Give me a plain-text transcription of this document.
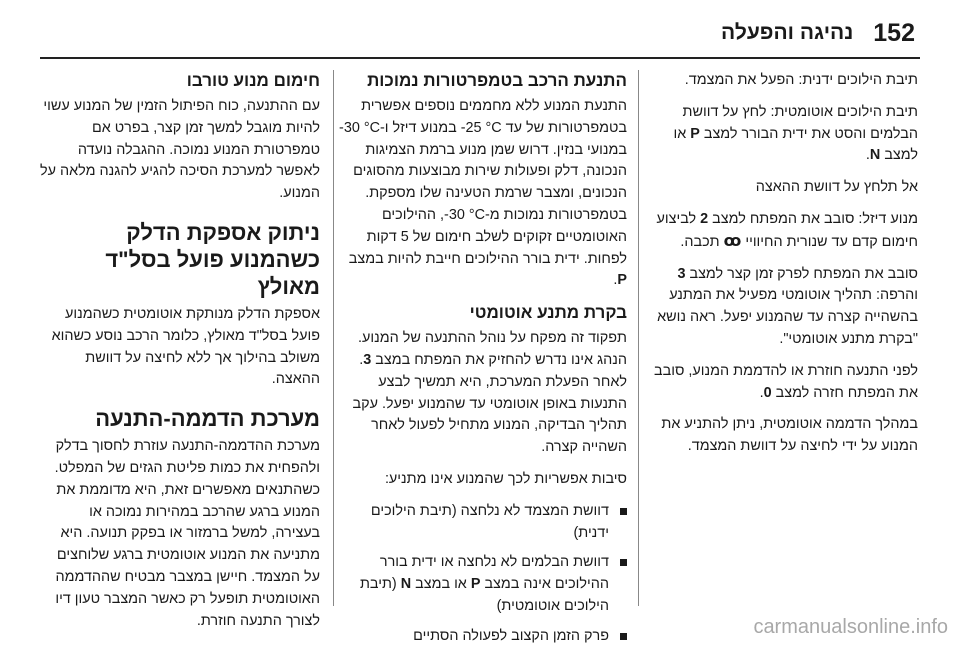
152
נהיגה והפעלה

תיבת הילוכים ידנית: הפעל את המצמד.

תיבת הילוכים אוטומטית: לחץ על דוושת הבלמים והסט את ידית הבורר למצב P או למצב N.

אל תלחץ על דוושת ההאצה

מנוע דיזל: סובב את המפתח למצב 2 לביצוע חימום קדם עד שנורית החיוויי ꝏ תכבה.

סובב את המפתח לפרק זמן קצר למצב 3 והרפה: תהליך אוטומטי מפעיל את המתנע בהשהייה קצרה עד שהמנוע יפעל. ראה נושא "בקרת מתנע אוטומטי".

לפני התנעה חוזרת או להדממת המנוע, סובב את המפתח חזרה למצב 0.

במהלך הדממה אוטומטית, ניתן להתניע את המנוע על ידי לחיצה על דוושת המצמד.

התנעת הרכב בטמפרטורות נמוכות

התנעת המנוע ללא מחממים נוספים אפשרית בטמפרטורות של עד ‎-25 °C‎ במנוע דיזל ו-‎-30 °C‎ במנועי בנזין. דרוש שמן מנוע ברמת הצמיגות הנכונה, דלק ופעולות שירות מבוצעות מהסוגים הנכונים, ומצבר שרמת הטעינה שלו מספקת. בטמפרטורות נמוכות מ-‎-30 °C‎, ההילוכים האוטומטיים זקוקים לשלב חימום של 5 דקות לפחות. ידית בורר ההילוכים חייבת להיות במצב P.

בקרת מתנע אוטומטי

תפקוד זה מפקח על נוהל ההתנעה של המנוע. הנהג אינו נדרש להחזיק את המפתח במצב 3. לאחר הפעלת המערכת, היא תמשיך לבצע התנעות באופן אוטומטי עד שהמנוע יפעל. עקב תהליך הבדיקה, המנוע מתחיל לפעול לאחר השהייה קצרה.

סיבות אפשריות לכך שהמנוע אינו מתניע:

דוושת המצמד לא נלחצה (תיבת הילוכים ידנית)
דוושת הבלמים לא נלחצה או ידית בורר ההילוכים אינה במצב P או במצב N (תיבת הילוכים אוטומטית)
פרק הזמן הקצוב לפעולה הסתיים
חימום מנוע טורבו

עם ההתנעה, כוח הפיתול הזמין של המנוע עשוי להיות מוגבל למשך זמן קצר, בפרט אם טמפרטורת המנוע נמוכה. ההגבלה נועדה לאפשר למערכת הסיכה להגיע להגנה מלאה על המנוע.

ניתוק אספקת הדלק כשהמנוע פועל בסל"ד מאולץ

אספקת הדלק מנותקת אוטומטית כשהמנוע פועל בסל"ד מאולץ, כלומר הרכב נוסע כשהוא משולב בהילוך אך ללא לחיצה על דוושת ההאצה.

מערכת הדממה-התנעה

מערכת ההדממה-התנעה עוזרת לחסוך בדלק ולהפחית את כמות פליטת הגזים של המפלט. כשהתנאים מאפשרים זאת, היא מדוממת את המנוע ברגע שהרכב במהירות נמוכה או בעצירה, למשל ברמזור או בפקק תנועה. היא מתניעה את המנוע אוטומטית ברגע שלוחצים על המצמד. חיישן במצבר מבטיח שההדממה האוטומטית תופעל רק כאשר המצבר טעון דיו לצורך התנעה חוזרת.	carmanualsonline.info
